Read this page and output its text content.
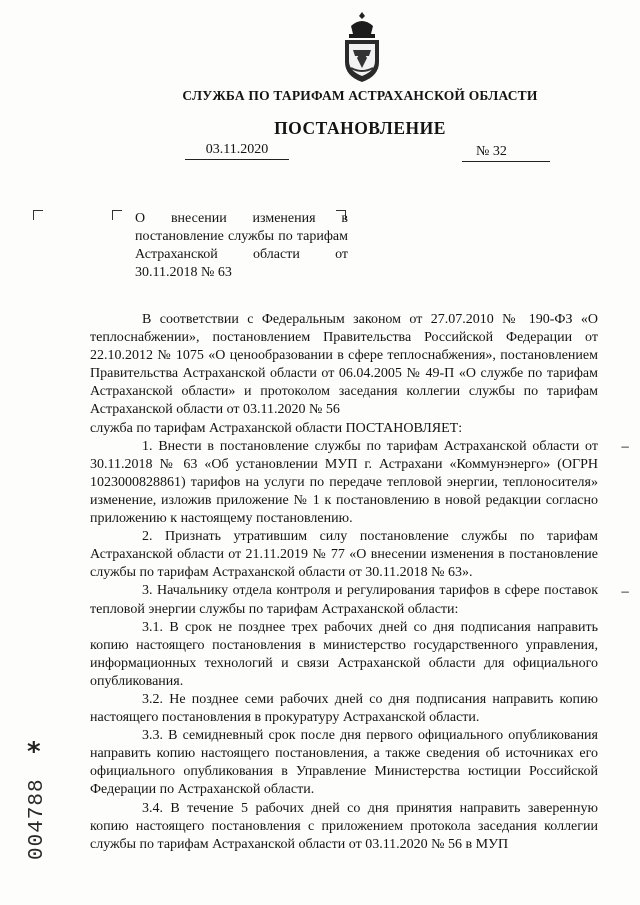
СЛУЖБА ПО ТАРИФАМ АСТРАХАНСКОЙ ОБЛАСТИ
ПОСТАНОВЛЕНИЕ
03.11.2020	№ 32
О внесении изменения в постановление службы по тарифам Астраханской области от 30.11.2018 № 63

В соответствии с Федеральным законом от 27.07.2010 № 190-ФЗ «О теплоснабжении», постановлением Правительства Российской Федерации от 22.10.2012 № 1075 «О ценообразовании в сфере теплоснабжения», постановлением Правительства Астраханской области от 06.04.2005 № 49-П «О службе по тарифам Астраханской области» и протоколом заседания коллегии службы по тарифам Астраханской области от 03.11.2020 № 56

служба по тарифам Астраханской области ПОСТАНОВЛЯЕТ:

1. Внести в постановление службы по тарифам Астраханской области от 30.11.2018 № 63 «Об установлении МУП г. Астрахани «Коммунэнерго» (ОГРН 1023000828861) тарифов на услуги по передаче тепловой энергии, теплоносителя» изменение, изложив приложение № 1 к постановлению в новой редакции согласно приложению к настоящему постановлению.

2. Признать утратившим силу постановление службы по тарифам Астраханской области от 21.11.2019 № 77 «О внесении изменения в постановление службы по тарифам Астраханской области от 30.11.2018 № 63».

3. Начальнику отдела контроля и регулирования тарифов в сфере поставок тепловой энергии службы по тарифам Астраханской области:

3.1. В срок не позднее трех рабочих дней со дня подписания направить копию настоящего постановления в министерство государственного управления, информационных технологий и связи Астраханской области для официального опубликования.

3.2. Не позднее семи рабочих дней со дня подписания направить копию настоящего постановления в прокуратуру Астраханской области.

3.3. В семидневный срок после дня первого официального опубликования направить копию настоящего постановления, а также сведения об источниках его официального опубликования в Управление Министерства юстиции Российской Федерации по Астраханской области.

3.4. В течение 5 рабочих дней со дня принятия направить заверенную копию настоящего постановления с приложением протокола заседания коллегии службы по тарифам Астраханской области от 03.11.2020 № 56 в МУП

*
004788
−
−
